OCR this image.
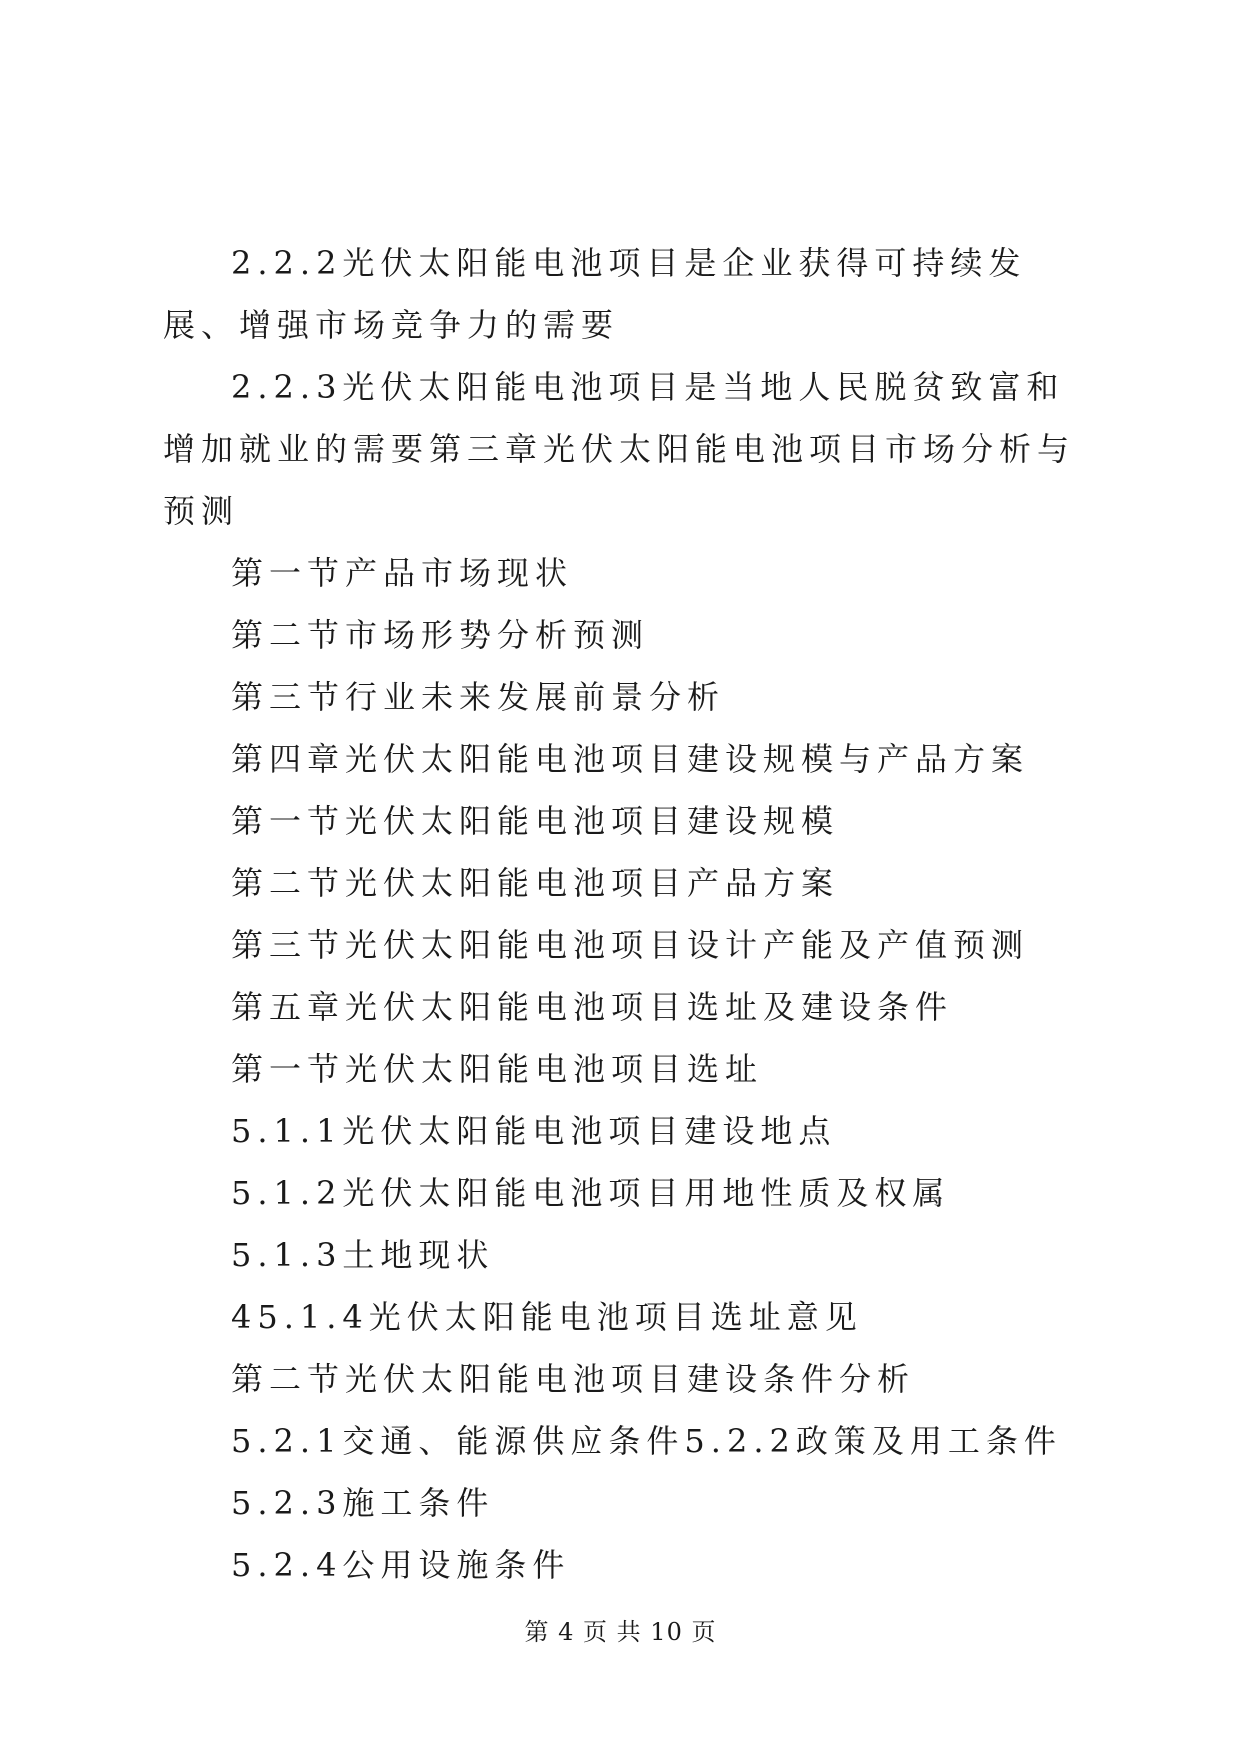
2.2.2光伏太阳能电池项目是企业获得可持续发展、增强市场竞争力的需要

2.2.3光伏太阳能电池项目是当地人民脱贫致富和增加就业的需要第三章光伏太阳能电池项目市场分析与预测

第一节产品市场现状

第二节市场形势分析预测

第三节行业未来发展前景分析

第四章光伏太阳能电池项目建设规模与产品方案

第一节光伏太阳能电池项目建设规模

第二节光伏太阳能电池项目产品方案

第三节光伏太阳能电池项目设计产能及产值预测

第五章光伏太阳能电池项目选址及建设条件

第一节光伏太阳能电池项目选址

5.1.1光伏太阳能电池项目建设地点

5.1.2光伏太阳能电池项目用地性质及权属

5.1.3土地现状

45.1.4光伏太阳能电池项目选址意见

第二节光伏太阳能电池项目建设条件分析

5.2.1交通、能源供应条件5.2.2政策及用工条件

5.2.3施工条件

5.2.4公用设施条件

第 4 页 共 10 页
